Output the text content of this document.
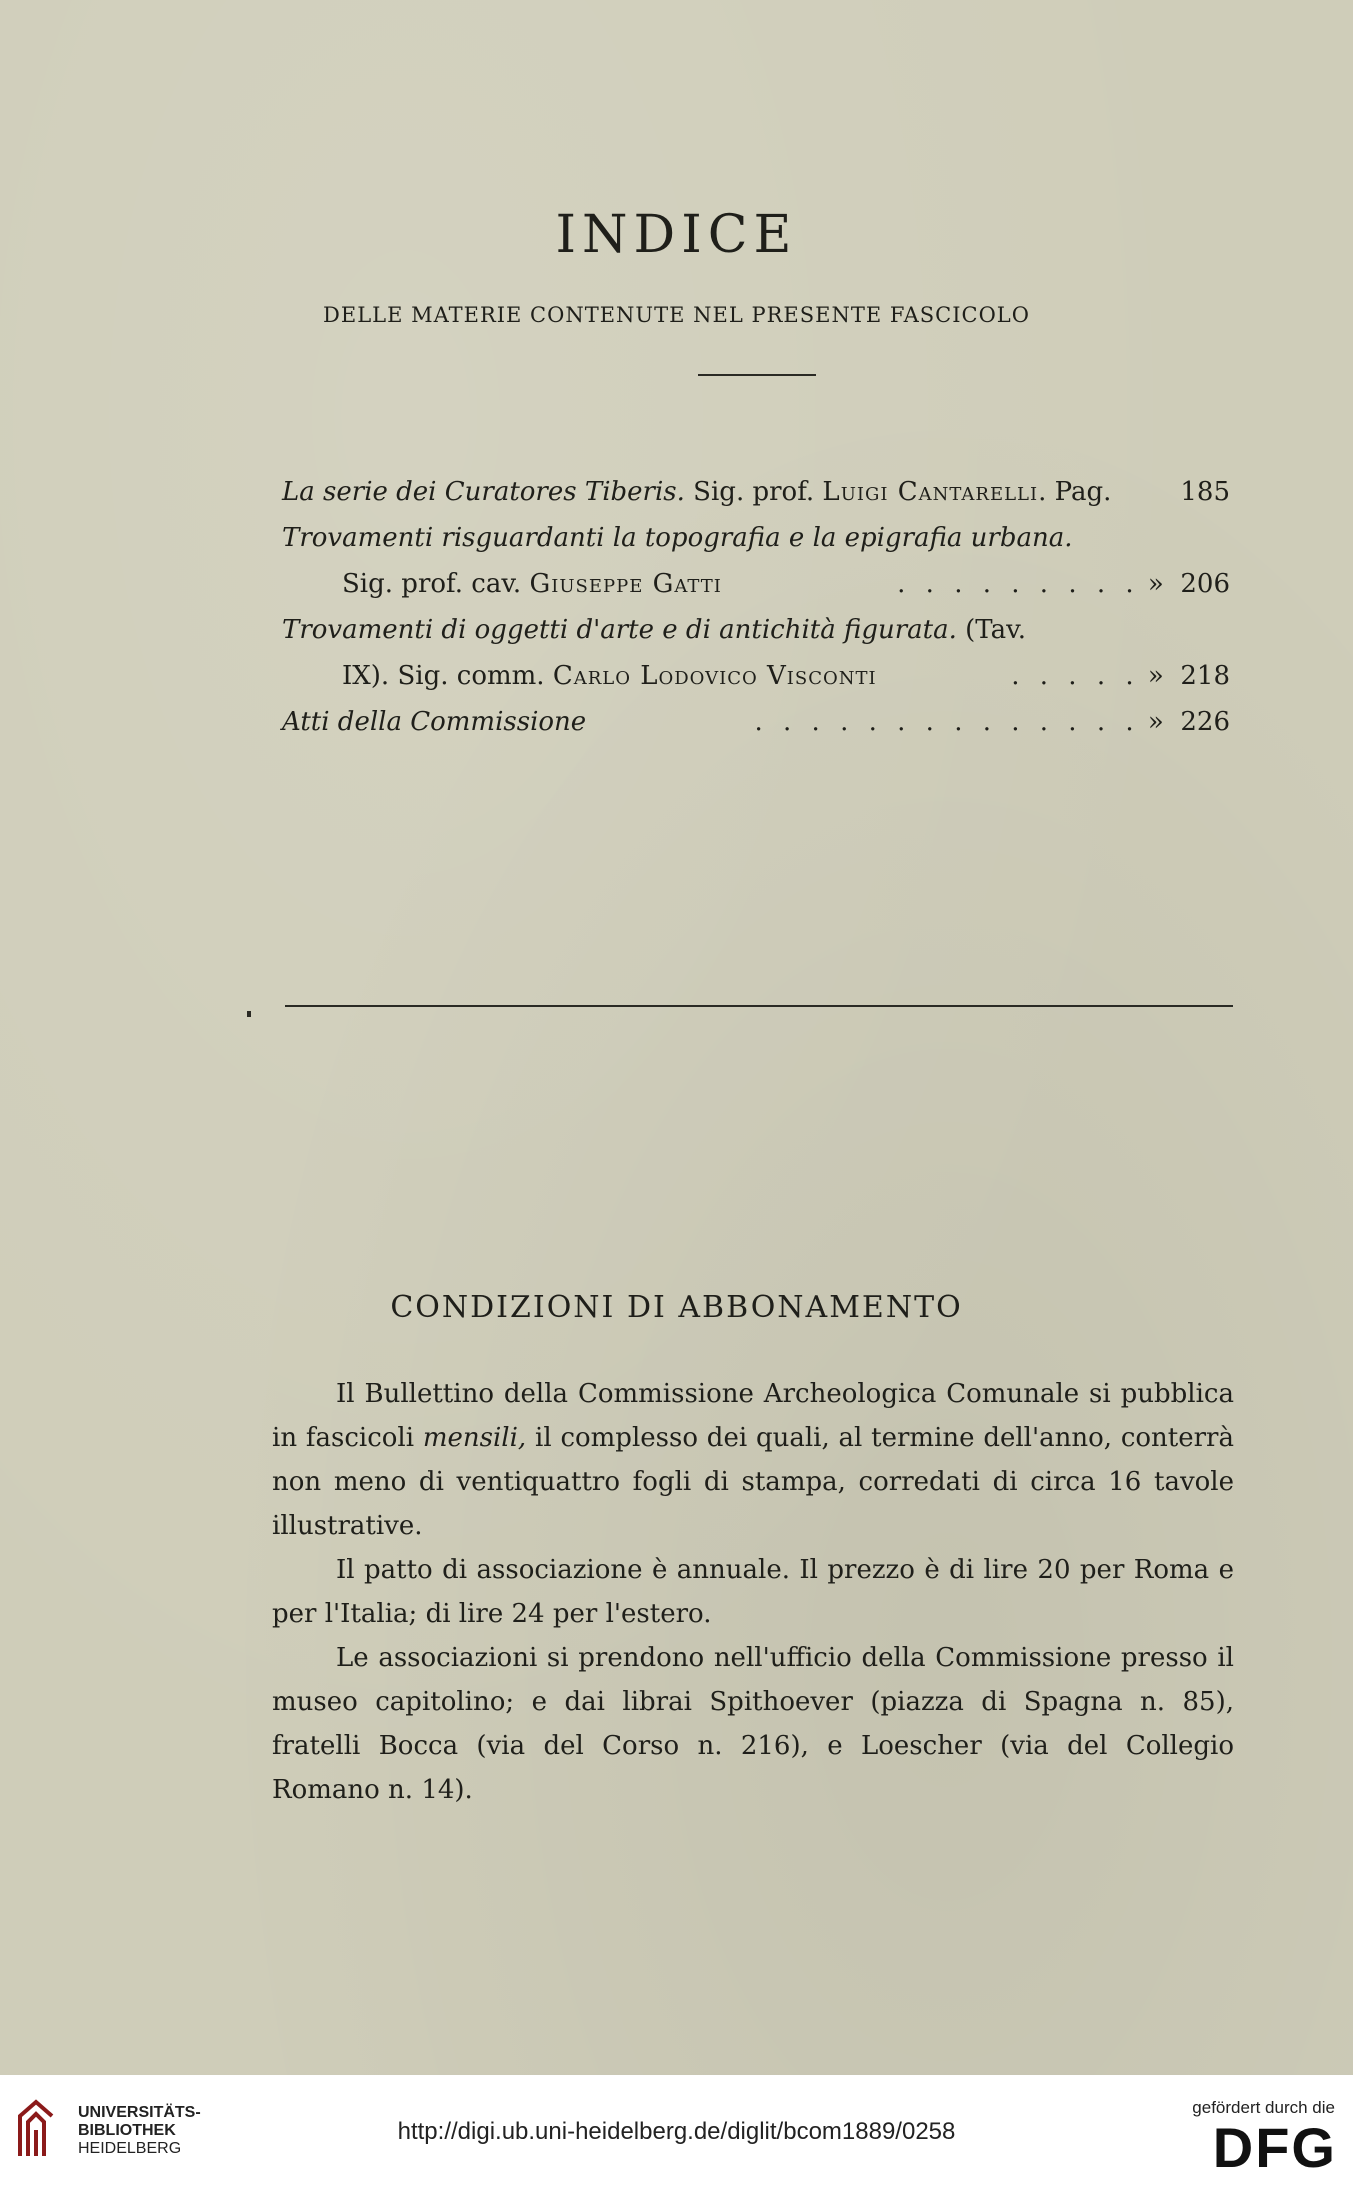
INDICE
DELLE MATERIE CONTENUTE NEL PRESENTE FASCICOLO
La serie dei Curatores Tiberis. Sig. prof. Luigi Cantarelli. Pag.	185
Trovamenti risguardanti la topografia e la epigrafia urbana.
Sig. prof. cav. Giuseppe Gatti	. . . . . . . . . » 206
Trovamenti di oggetti d'arte e di antichità figurata. (Tav.
IX). Sig. comm. Carlo Lodovico Visconti	. . . . . » 218
Atti della Commissione	. . . . . . . . . . . . . . » 226
CONDIZIONI DI ABBONAMENTO

Il Bullettino della Commissione Archeologica Comunale si pubblica in fascicoli mensili, il complesso dei quali, al termine dell'anno, conterrà non meno di ventiquattro fogli di stampa, corredati di circa 16 tavole illustrative.

Il patto di associazione è annuale. Il prezzo è di lire 20 per Roma e per l'Italia; di lire 24 per l'estero.

Le associazioni si prendono nell'ufficio della Commissione presso il museo capitolino; e dai librai Spithoever (piazza di Spagna n. 85), fratelli Bocca (via del Corso n. 216), e Loescher (via del Collegio Romano n. 14).

UNIVERSITÄTS-
BIBLIOTHEK
HEIDELBERG
http://digi.ub.uni-heidelberg.de/diglit/bcom1889/0258
gefördert durch die
DFG
